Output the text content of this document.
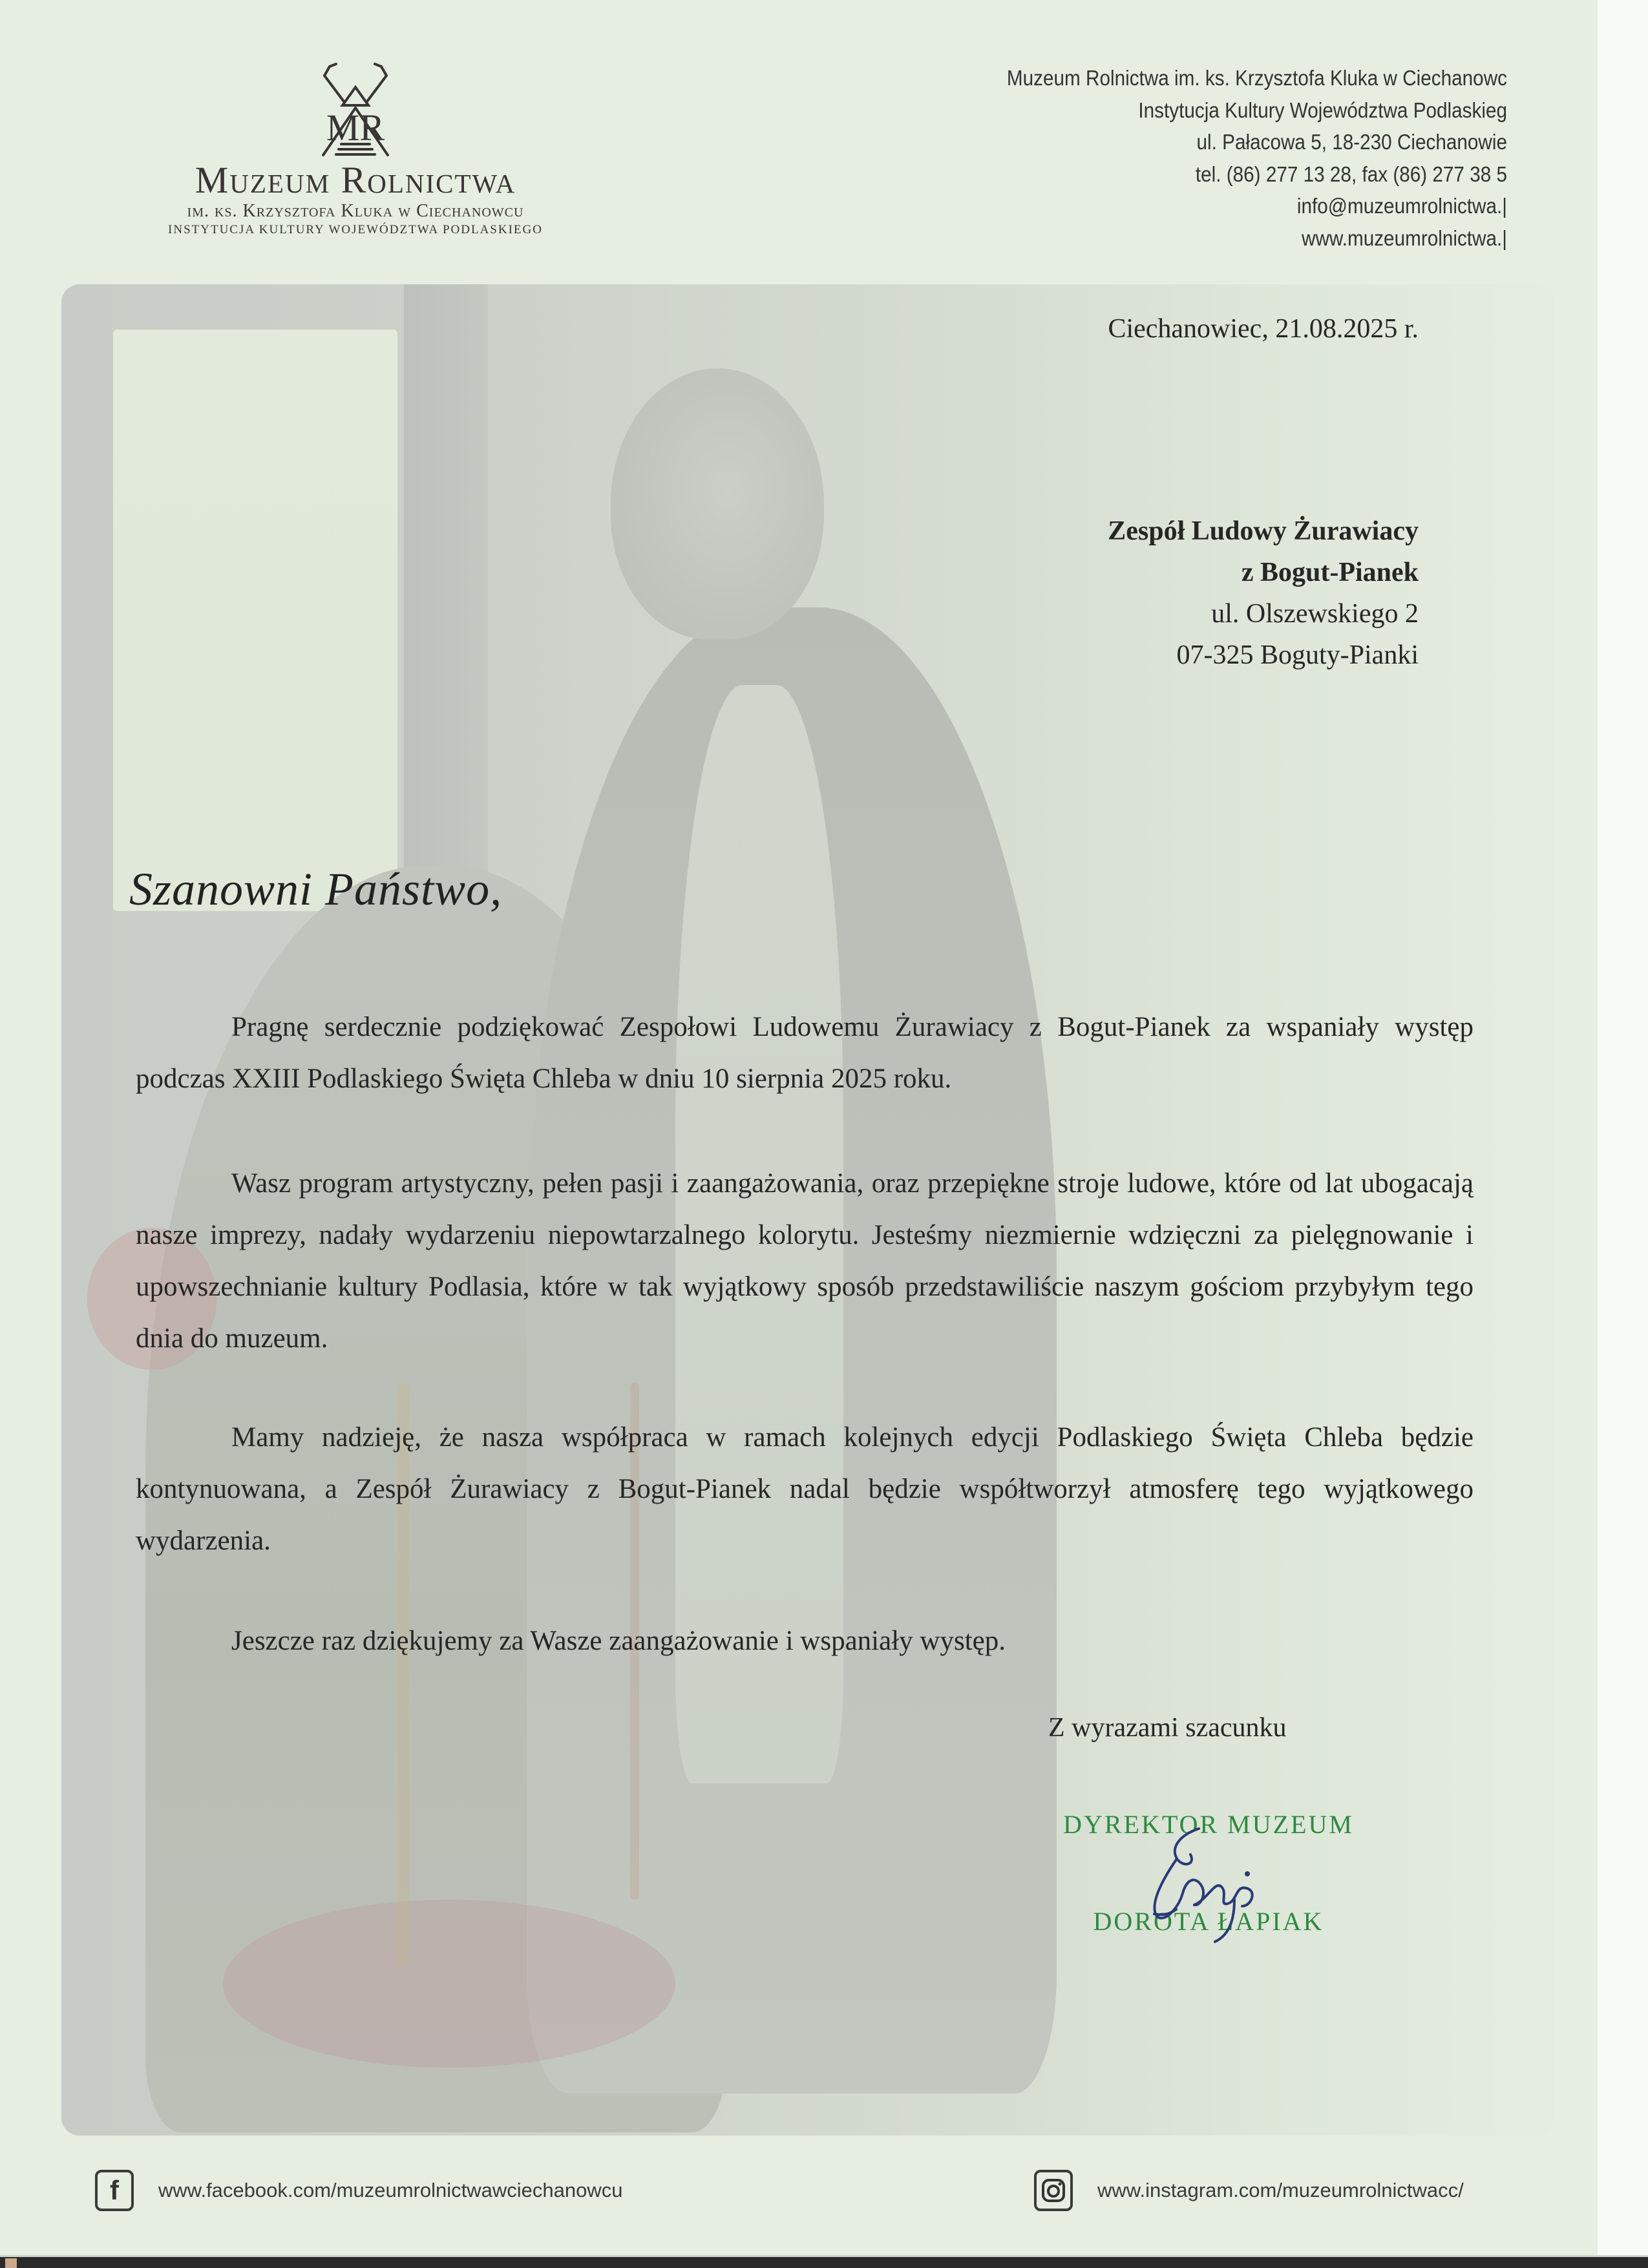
MR
Muzeum Rolnictwa
im. ks. Krzysztofa Kluka w Ciechanowcu
INSTYTUCJA KULTURY WOJEWÓDZTWA PODLASKIEGO
Muzeum Rolnictwa im. ks. Krzysztofa Kluka w Ciechanowc
Instytucja Kultury Województwa Podlaskieg
ul. Pałacowa 5, 18-230 Ciechanowie
tel. (86) 277 13 28, fax (86) 277 38 5
info@muzeumrolnictwa.|
www.muzeumrolnictwa.|
Ciechanowiec, 21.08.2025 r.
Zespół Ludowy Żurawiacy
z Bogut-Pianek
ul. Olszewskiego 2
07-325 Boguty-Pianki
Szanowni Państwo,

Pragnę serdecznie podziękować Zespołowi Ludowemu Żurawiacy z Bogut-Pianek za wspaniały występ podczas XXIII Podlaskiego Święta Chleba w dniu 10 sierpnia 2025 roku.

Wasz program artystyczny, pełen pasji i zaangażowania, oraz przepiękne stroje ludowe, które od lat ubogacają nasze imprezy, nadały wydarzeniu niepowtarzalnego kolorytu. Jesteśmy niezmiernie wdzięczni za pielęgnowanie i upowszechnianie kultury Podlasia, które w tak wyjątkowy sposób przedstawiliście naszym gościom przybyłym tego dnia do muzeum.

Mamy nadzieję, że nasza współpraca w ramach kolejnych edycji Podlaskiego Święta Chleba będzie kontynuowana, a Zespół Żurawiacy z Bogut-Pianek nadal będzie współtworzył atmosferę tego wyjątkowego wydarzenia.

Jeszcze raz dziękujemy za Wasze zaangażowanie i wspaniały występ.

Z wyrazami szacunku
DYREKTOR MUZEUM
DOROTA ŁAPIAK
f www.facebook.com/muzeumrolnictwawciechanowcu	www.instagram.com/muzeumrolnictwacc/
